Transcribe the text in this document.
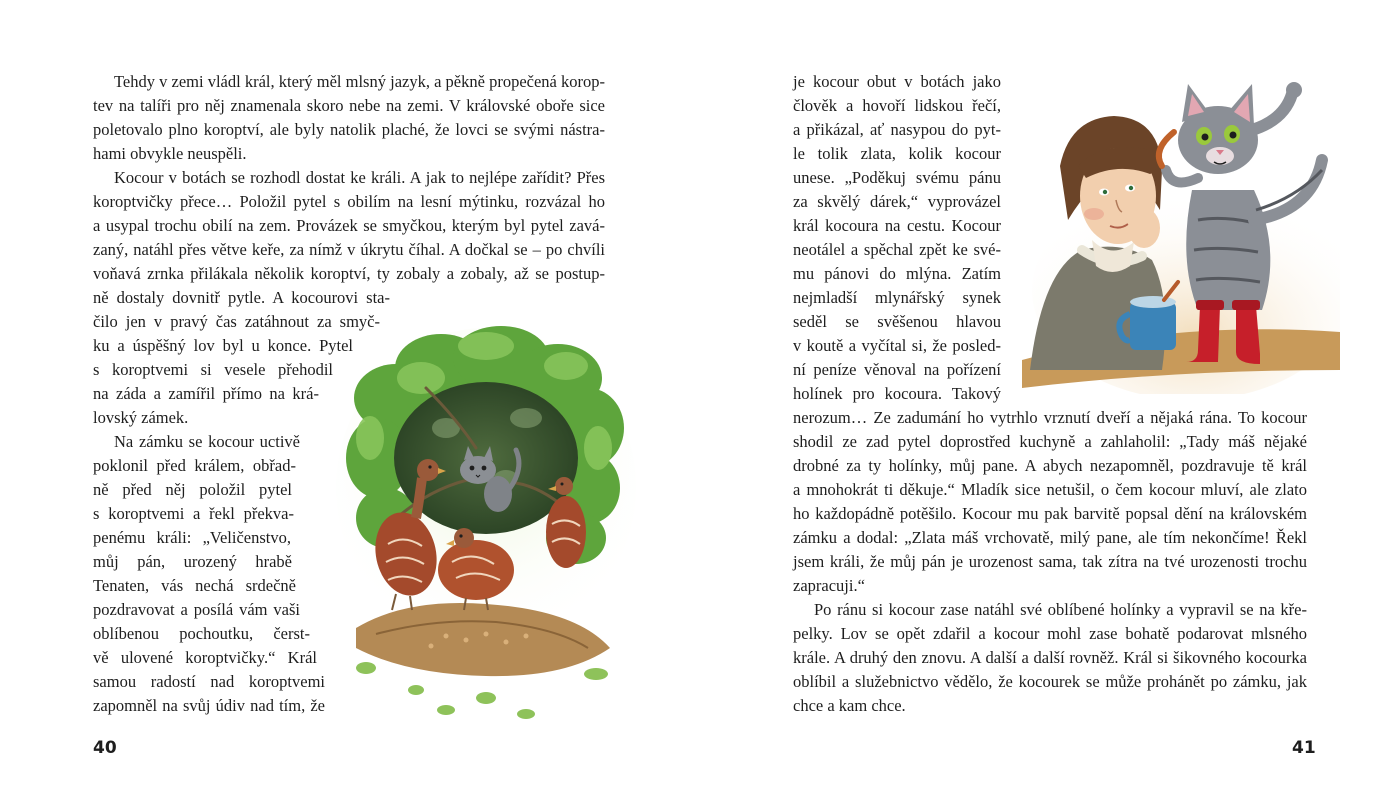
Tehdy v zemi vládl král, který měl mlsný jazyk, a pěkně propečená korop-
tev na talíři pro něj znamenala skoro nebe na zemi. V královské oboře sice
poletovalo plno koroptví, ale byly natolik plaché, že lovci se svými nástra-
hami obvykle neuspěli.
Kocour v botách se rozhodl dostat ke králi. A jak to nejlépe zařídit? Přes
koroptvičky přece… Položil pytel s obilím na lesní mýtinku, rozvázal ho
a usypal trochu obilí na zem. Provázek se smyčkou, kterým byl pytel zavá-
zaný, natáhl přes větve keře, za nímž v úkrytu číhal. A dočkal se – po chvíli
voňavá zrnka přilákala několik koroptví, ty zobaly a zobaly, až se postup-
ně dostaly dovnitř pytle. A kocourovi sta-
čilo jen v pravý čas zatáhnout za smyč-
ku a úspěšný lov byl u konce. Pytel
s koroptvemi si vesele přehodil
na záda a zamířil přímo na krá-
lovský zámek.
Na zámku se kocour uctivě
poklonil před králem, obřad-
ně před něj položil pytel
s koroptvemi a řekl překva-
penému králi: „Veličenstvo,
můj pán, urozený hrabě
Tenaten, vás nechá srdečně
pozdravovat a posílá vám vaši
oblíbenou pochoutku, čerst-
vě ulovené koroptvičky.“ Král
samou radostí nad koroptvemi
zapomněl na svůj údiv nad tím, že
40
je kocour obut v botách jako
člověk a hovoří lidskou řečí,
a přikázal, ať nasypou do pyt-
le tolik zlata, kolik kocour
unese. „Poděkuj svému pánu
za skvělý dárek,“ vyprovázel
král kocoura na cestu. Kocour
neotálel a spěchal zpět ke své-
mu pánovi do mlýna. Zatím
nejmladší mlynářský synek
seděl se svěšenou hlavou
v koutě a vyčítal si, že posled-
ní peníze věnoval na pořízení
holínek pro kocoura. Takový
nerozum… Ze zadumání ho vytrhlo vrznutí dveří a nějaká rána. To kocour
shodil ze zad pytel doprostřed kuchyně a zahlaholil: „Tady máš nějaké
drobné za ty holínky, můj pane. A abych nezapomněl, pozdravuje tě král
a mnohokrát ti děkuje.“ Mladík sice netušil, o čem kocour mluví, ale zlato
ho každopádně potěšilo. Kocour mu pak barvitě popsal dění na královském
zámku a dodal: „Zlata máš vrchovatě, milý pane, ale tím nekončíme! Řekl
jsem králi, že můj pán je urozenost sama, tak zítra na tvé urozenosti trochu
zapracuji.“
Po ránu si kocour zase natáhl své oblíbené holínky a vypravil se na kře-
pelky. Lov se opět zdařil a kocour mohl zase bohatě podarovat mlsného
krále. A druhý den znovu. A další a další rovněž. Král si šikovného kocourka
oblíbil a služebnictvo vědělo, že kocourek se může prohánět po zámku, jak
chce a kam chce.
41
